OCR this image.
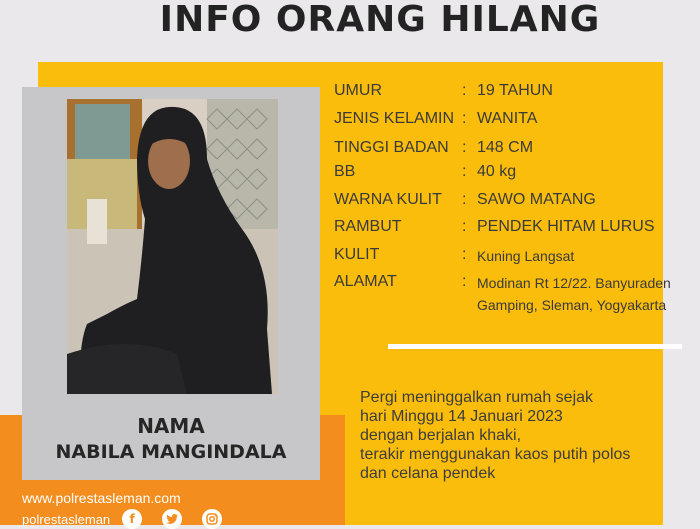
INFO ORANG HILANG
NAMA
NABILA MANGINDALA
UMUR	: 19 TAHUN
JENIS KELAMIN : WANITA
TINGGI BADAN : 148 CM
BB	: 40 kg
WARNA KULIT	: SAWO MATANG
RAMBUT	: PENDEK HITAM LURUS
KULIT	: Kuning Langsat
ALAMAT	: Modinan Rt 12/22. Banyuraden
Gamping, Sleman, Yogyakarta
Pergi meninggalkan rumah sejak
hari Minggu 14 Januari 2023
dengan berjalan khaki,
terakir menggunakan kaos putih polos
dan celana pendek
www.polrestasleman.com
polrestasleman	f
